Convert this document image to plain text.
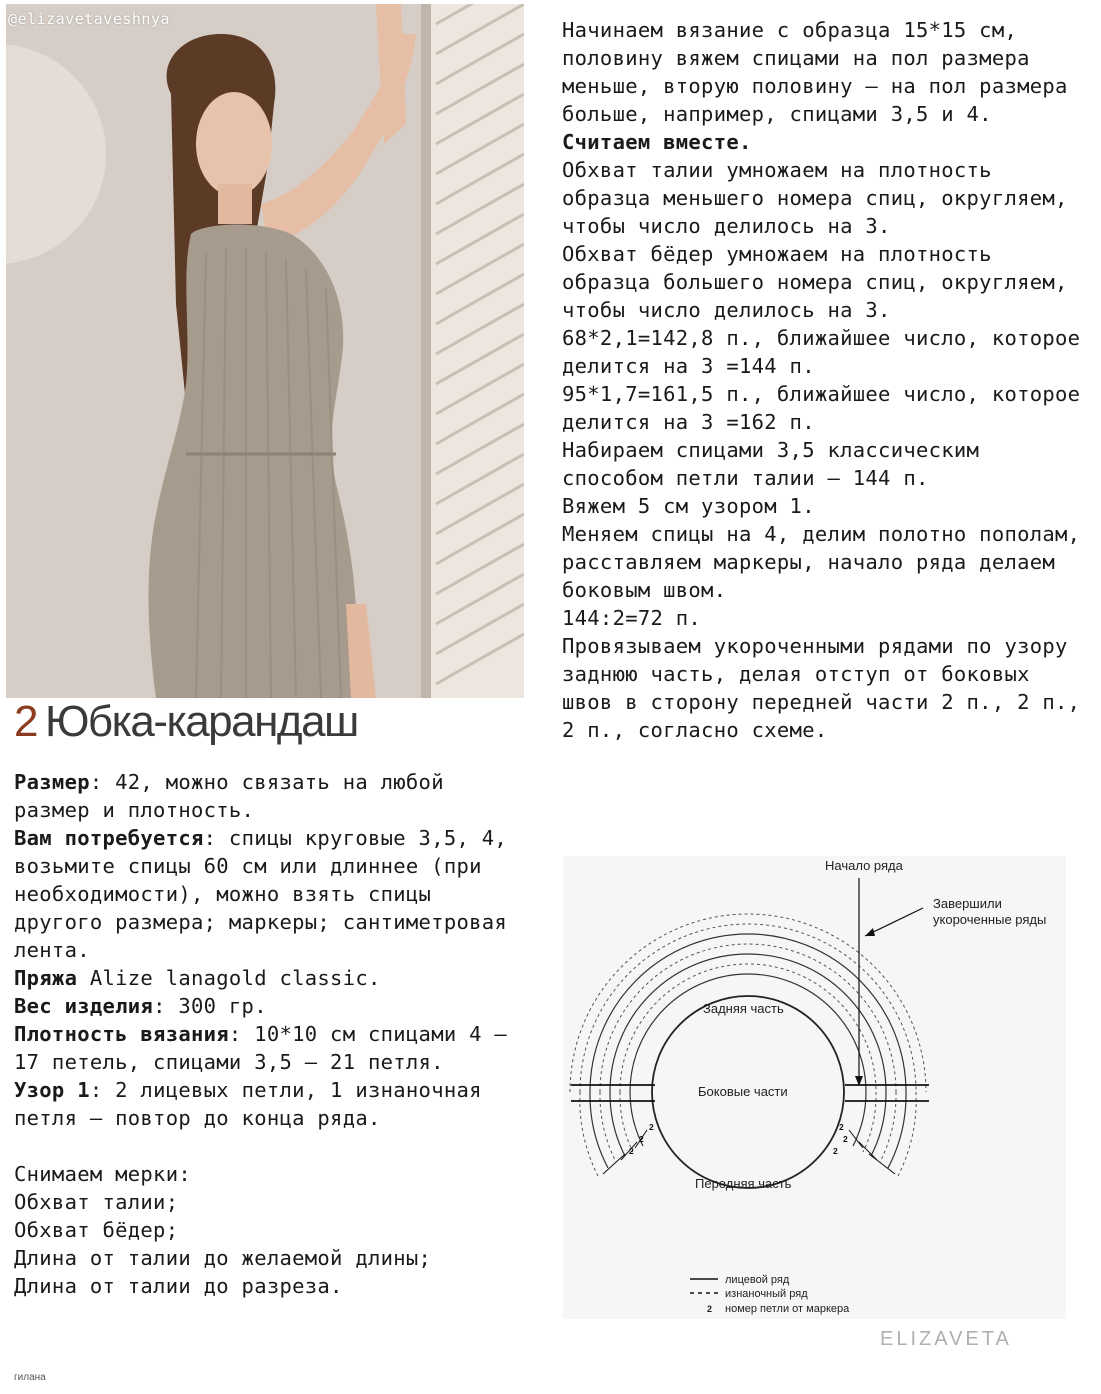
@elizavetaveshnya
2 Юбка-карандаш
Размер: 42, можно связать на любой размер и плотность.
Вам потребуется: спицы круговые 3,5, 4, возьмите спицы 60 см или длиннее (при необходимости), можно взять спицы другого размера; маркеры; сантиметровая лента.
Пряжа Alize lanagold classic.
Вес изделия: 300 гр.
Плотность вязания: 10*10 см спицами 4 – 17 петель, спицами 3,5 – 21 петля.
Узор 1: 2 лицевых петли, 1 изнаночная петля – повтор до конца ряда.

Снимаем мерки:
Обхват талии;
Обхват бёдер;
Длина от талии до желаемой длины;
Длина от талии до разреза.
Начинаем вязание с образца 15*15 см, половину вяжем спицами на пол размера меньше, вторую половину – на пол размера больше, например, спицами 3,5 и 4.
Считаем вместе.
Обхват талии умножаем на плотность образца меньшего номера спиц, округляем, чтобы число делилось на 3.
Обхват бёдер умножаем на плотность образца большего номера спиц, округляем, чтобы число делилось на 3.
68*2,1=142,8 п., ближайшее число, которое делится на 3 =144 п.
95*1,7=161,5 п., ближайшее число, которое делится на 3 =162 п.
Набираем спицами 3,5 классическим способом петли талии – 144 п.
Вяжем 5 см узором 1.
Меняем спицы на 4, делим полотно пополам, расставляем маркеры, начало ряда делаем боковым швом.
144:2=72 п.
Провязываем укороченными рядами по узору заднюю часть, делая отступ от боковых швов в сторону передней части 2 п., 2 п., 2 п., согласно схеме.
2
2
2
2
2
2
Начало ряда
Завершили
укороченные ряды
Задняя часть
Боковые части
Передняя часть
лицевой ряд
изнаночный ряд
2 номер петли от маркера
ELIZAVETA
гилана
